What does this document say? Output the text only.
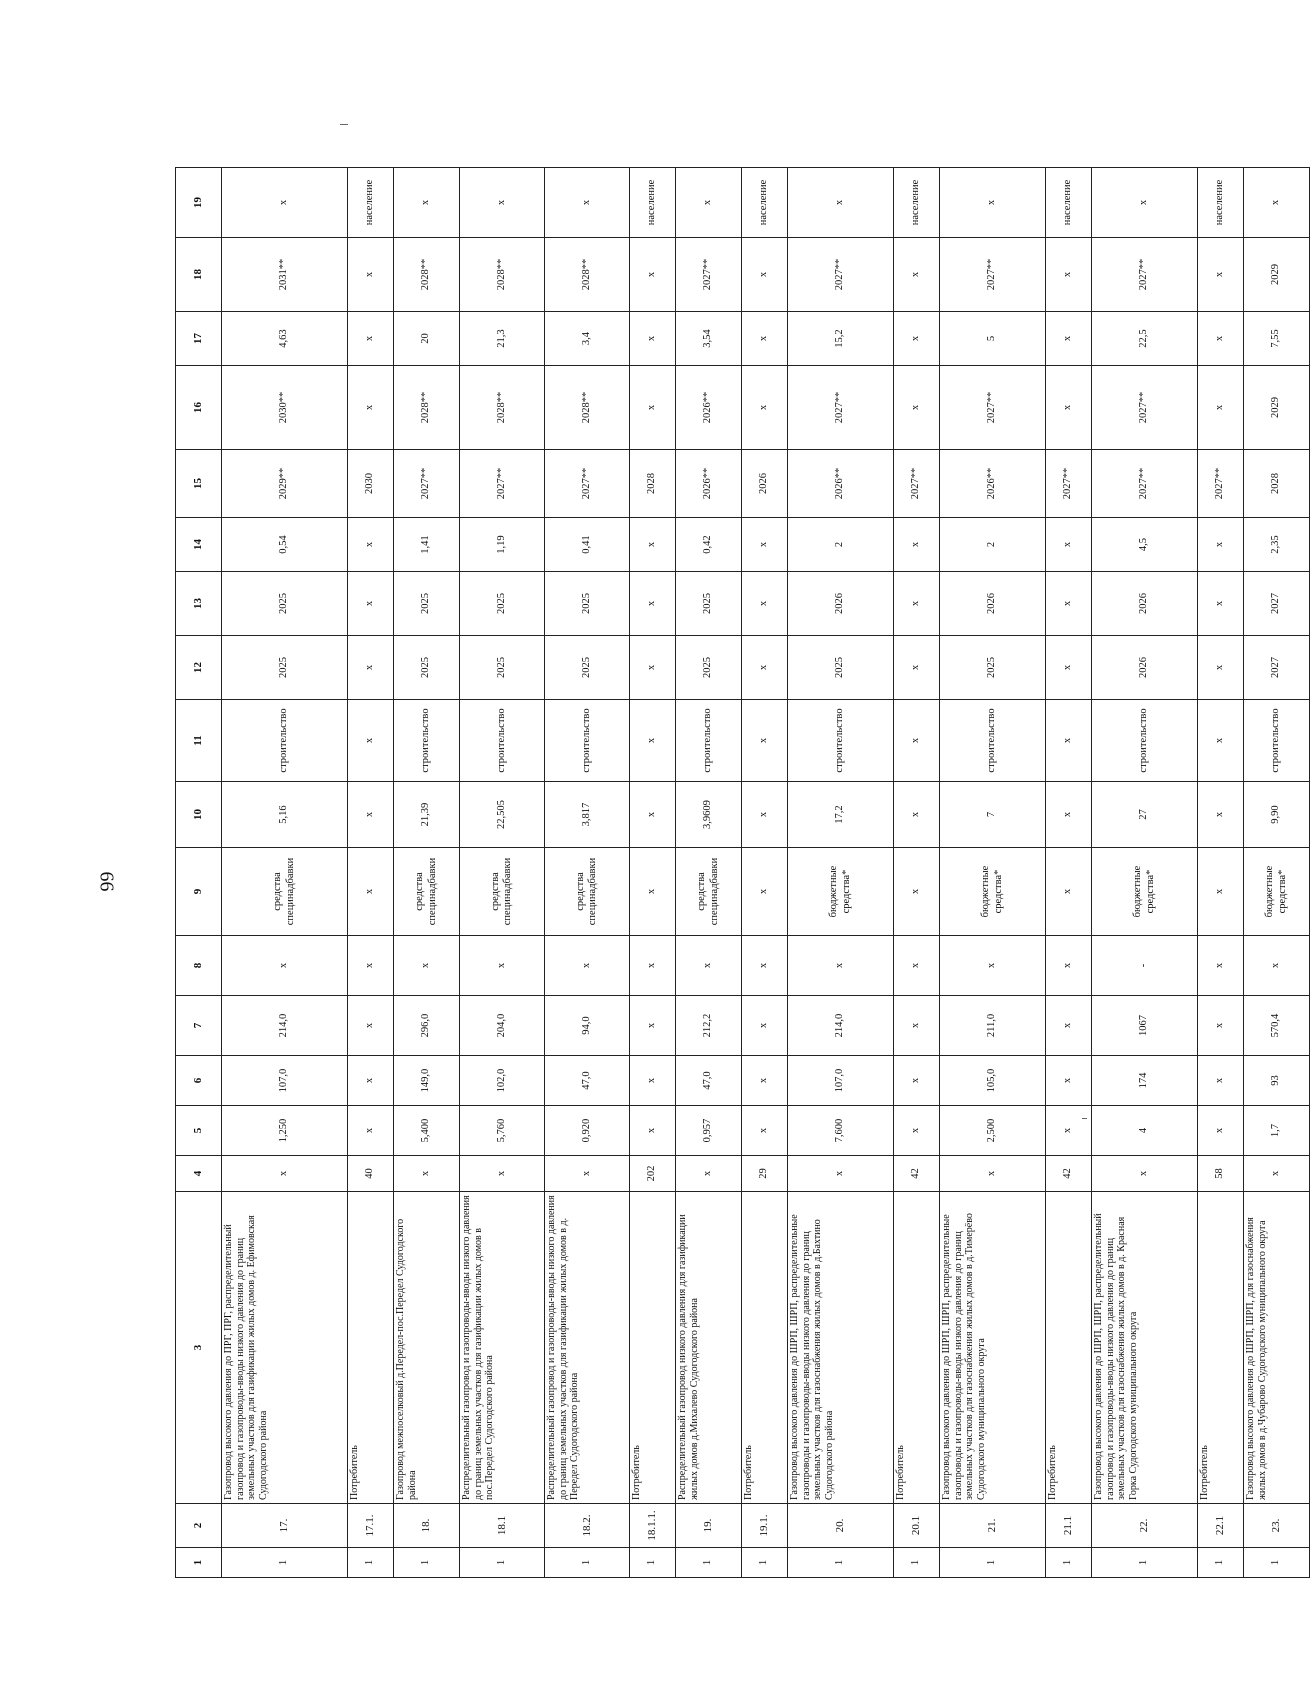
66
1	2	3	4	5	6	7	8	9	10	11	12	13	14	15	16	17	18	19
1	17.	Газопровод высокого давления до ПРГ, ПРГ, распределительный газопровод и газопроводы-вводы низкого давления до границ земельных участков для газификации жилых домов д. Ефимовская Судогодского района	x	1,250	107,0	214,0	x	средства специнадбавки	5,16	строительство	2025	2025	0,54	2029**	2030**	4,63	2031**	x
1	17.1.	Потребитель	40	x	x	x	x	x	x	x	x	x	x	2030	x	x	x	население
1	18.	Газопровод межпоселковый д.Передел-пос.Передел Судогодского района	x	5,400	149,0	296,0	x	средства специнадбавки	21,39	строительство	2025	2025	1,41	2027**	2028**	20	2028**	x
1	18.1	Распределительный газопровод и газопроводы-вводы низкого давления до границ земельных участков для газификации жилых домов в пос.Передел Судогодского района	x	5,760	102,0	204,0	x	средства специнадбавки	22,505	строительство	2025	2025	1,19	2027**	2028**	21,3	2028**	x
1	18.2.	Распределительный газопровод и газопроводы-вводы низкого давления до границ земельных участков для газификации жилых домов в д. Передел Судогодского района	x	0,920	47,0	94,0	x	средства специнадбавки	3,817	строительство	2025	2025	0,41	2027**	2028**	3,4	2028**	x
1	18.1.1.	Потребитель	202	x	x	x	x	x	x	x	x	x	x	2028	x	x	x	население
1	19.	Распределительный газопровод низкого давления для газификации жилых домов д.Михалево Судогодского района	x	0,957	47,0	212,2	x	средства специнадбавки	3,9609	строительство	2025	2025	0,42	2026**	2026**	3,54	2027**	x
1	19.1.	Потребитель	29	x	x	x	x	x	x	x	x	x	x	2026	x	x	x	население
1	20.	Газопровод высокого давления до ШРП, ШРП, распределительные газопроводы и газопроводы-вводы низкого давления до границ земельных участков для газоснабжения жилых домов в д.Бахтино Судогодского района	x	7,600	107,0	214,0	x	бюджетные средства*	17,2	строительство	2025	2026	2	2026**	2027**	15,2	2027**	x
1	20.1	Потребитель	42	x	x	x	x	x	x	x	x	x	x	2027**	x	x	x	население
1	21.	Газопровод высокого давления до ШРП, ШРП, распределительные газопроводы и газопроводы-вводы низкого давления до границ земельных участков для газоснабжения жилых домов в д.Тимерёво Судогодского муниципального округа	x	2,500	105,0	211,0	x	бюджетные средства*	7	строительство	2025	2026	2	2026**	2027**	5	2027**	x
1	21.1	Потребитель	42	x	x	x	x	x	x	x	x	x	x	2027**	x	x	x	население
1	22.	Газопровод высокого давления до ШРП, ШРП, распределительный газопровод и газопроводы-вводы низкого давления до границ земельных участков для газоснабжения жилых домов в д. Красная Горка Судогодского муниципального округа	x	4	174	1067	-	бюджетные средства*	27	строительство	2026	2026	4,5	2027**	2027**	22,5	2027**	x
1	22.1	Потребитель	58	x	x	x	x	x	x	x	x	x	x	2027**	x	x	x	население
1	23.	Газопровод высокого давления до ШРП, ШРП, для газоснабжения жилых домов в д.Чубарово Судогодского муниципального округа	x	1,7	93	570,4	x	бюджетные средства*	9,90	строительство	2027	2027	2,35	2028	2029	7,55	2029	x
